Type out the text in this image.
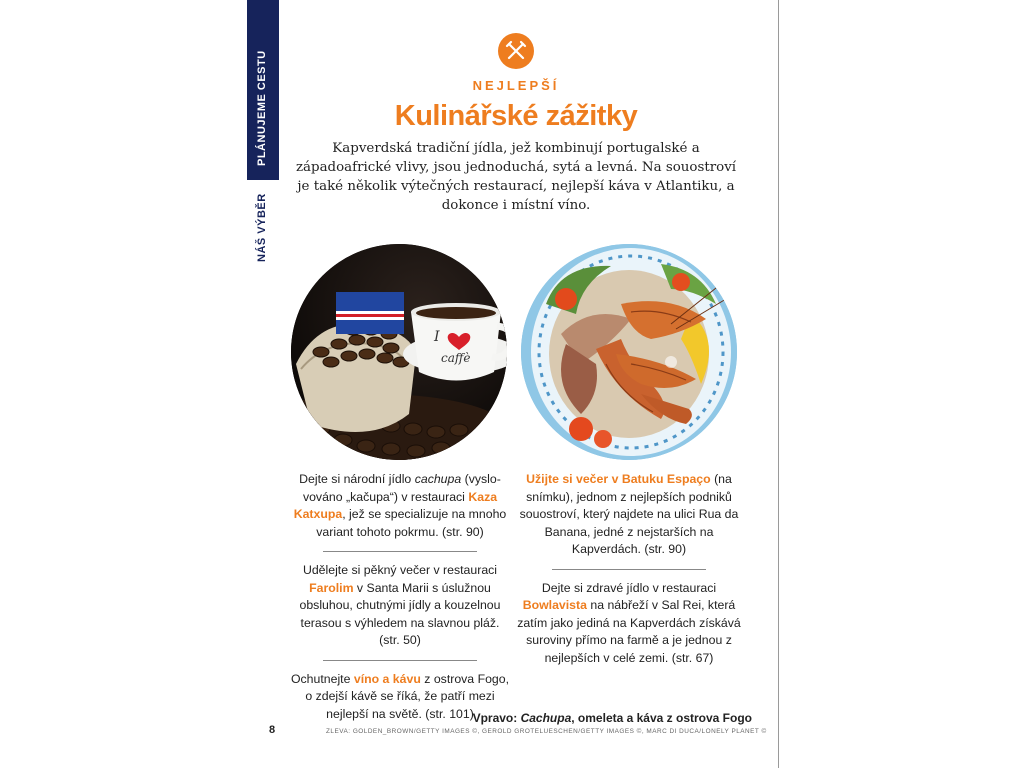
PLÁNUJEME CESTU
NÁŠ VÝBĚR
NEJLEPŠÍ
Kulinářské zážitky

Kapverdská tradiční jídla, jež kombinují portugalské a západoafrické vlivy, jsou jednoduchá, sytá a levná. Na souostroví je také několik výtečných restaurací, nejlepší káva v Atlantiku, a dokonce i místní víno.

I
caffè

Dejte si národní jídlo cachupa (vyslo-vováno „kačupa“) v restauraci Kaza Katxupa, jež se specializuje na mnoho variant tohoto pokrmu. (str. 90)

Udělejte si pěkný večer v restauraci Farolim v Santa Marii s úslužnou obsluhou, chutnými jídly a kouzelnou terasou s výhledem na slavnou pláž. (str. 50)

Ochutnejte víno a kávu z ostrova Fogo, o zdejší kávě se říká, že patří mezi nejlepší na světě. (str. 101)

Užijte si večer v Batuku Espaço (na snímku), jednom z nejlepších podniků souostroví, který najdete na ulici Rua da Banana, jedné z nejstarších na Kapverdách. (str. 90)

Dejte si zdravé jídlo v restauraci Bowlavista na nábřeží v Sal Rei, která zatím jako jediná na Kapverdách získává suroviny přímo na farmě a je jednou z nejlepších v celé zemi. (str. 67)

Vpravo: Cachupa, omeleta a káva z ostrova Fogo
ZLEVA: GOLDEN_BROWN/GETTY IMAGES ©, GEROLD GROTELUESCHEN/GETTY IMAGES ©, MARC DI DUCA/LONELY PLANET ©
8
